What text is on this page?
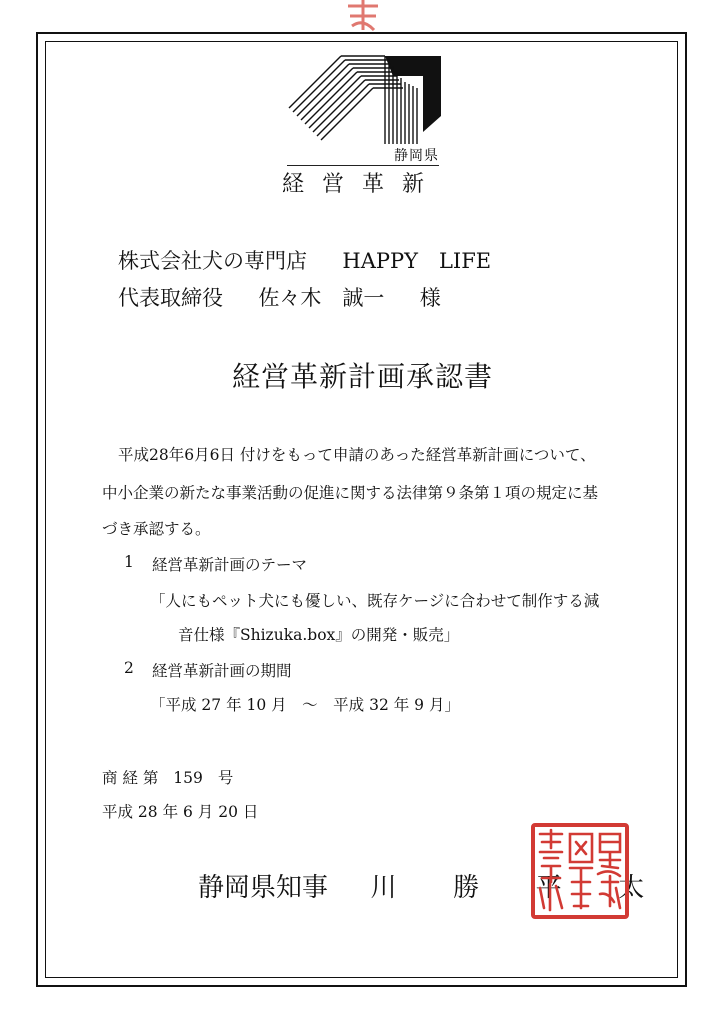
静岡県
経営革新
株式会社犬の専門店 HAPPY　LIFE
代表取締役 佐々木　誠一 様
経営革新計画承認書
平成28年6月6日 付けをもって申請のあった経営革新計画について、
中小企業の新たな事業活動の促進に関する法律第９条第１項の規定に基
づき承認する。
1 経営革新計画のテーマ
「人にもペット犬にも優しい、既存ケージに合わせて制作する減
音仕様『Shizuka.box』の開発・販売」
2 経営革新計画の期間
「平成 27 年 10 月　～　平成 32 年 9 月」
商 経 第 159 号
平成 28 年 6 月 20 日
静岡県知事 川 勝 平 太
